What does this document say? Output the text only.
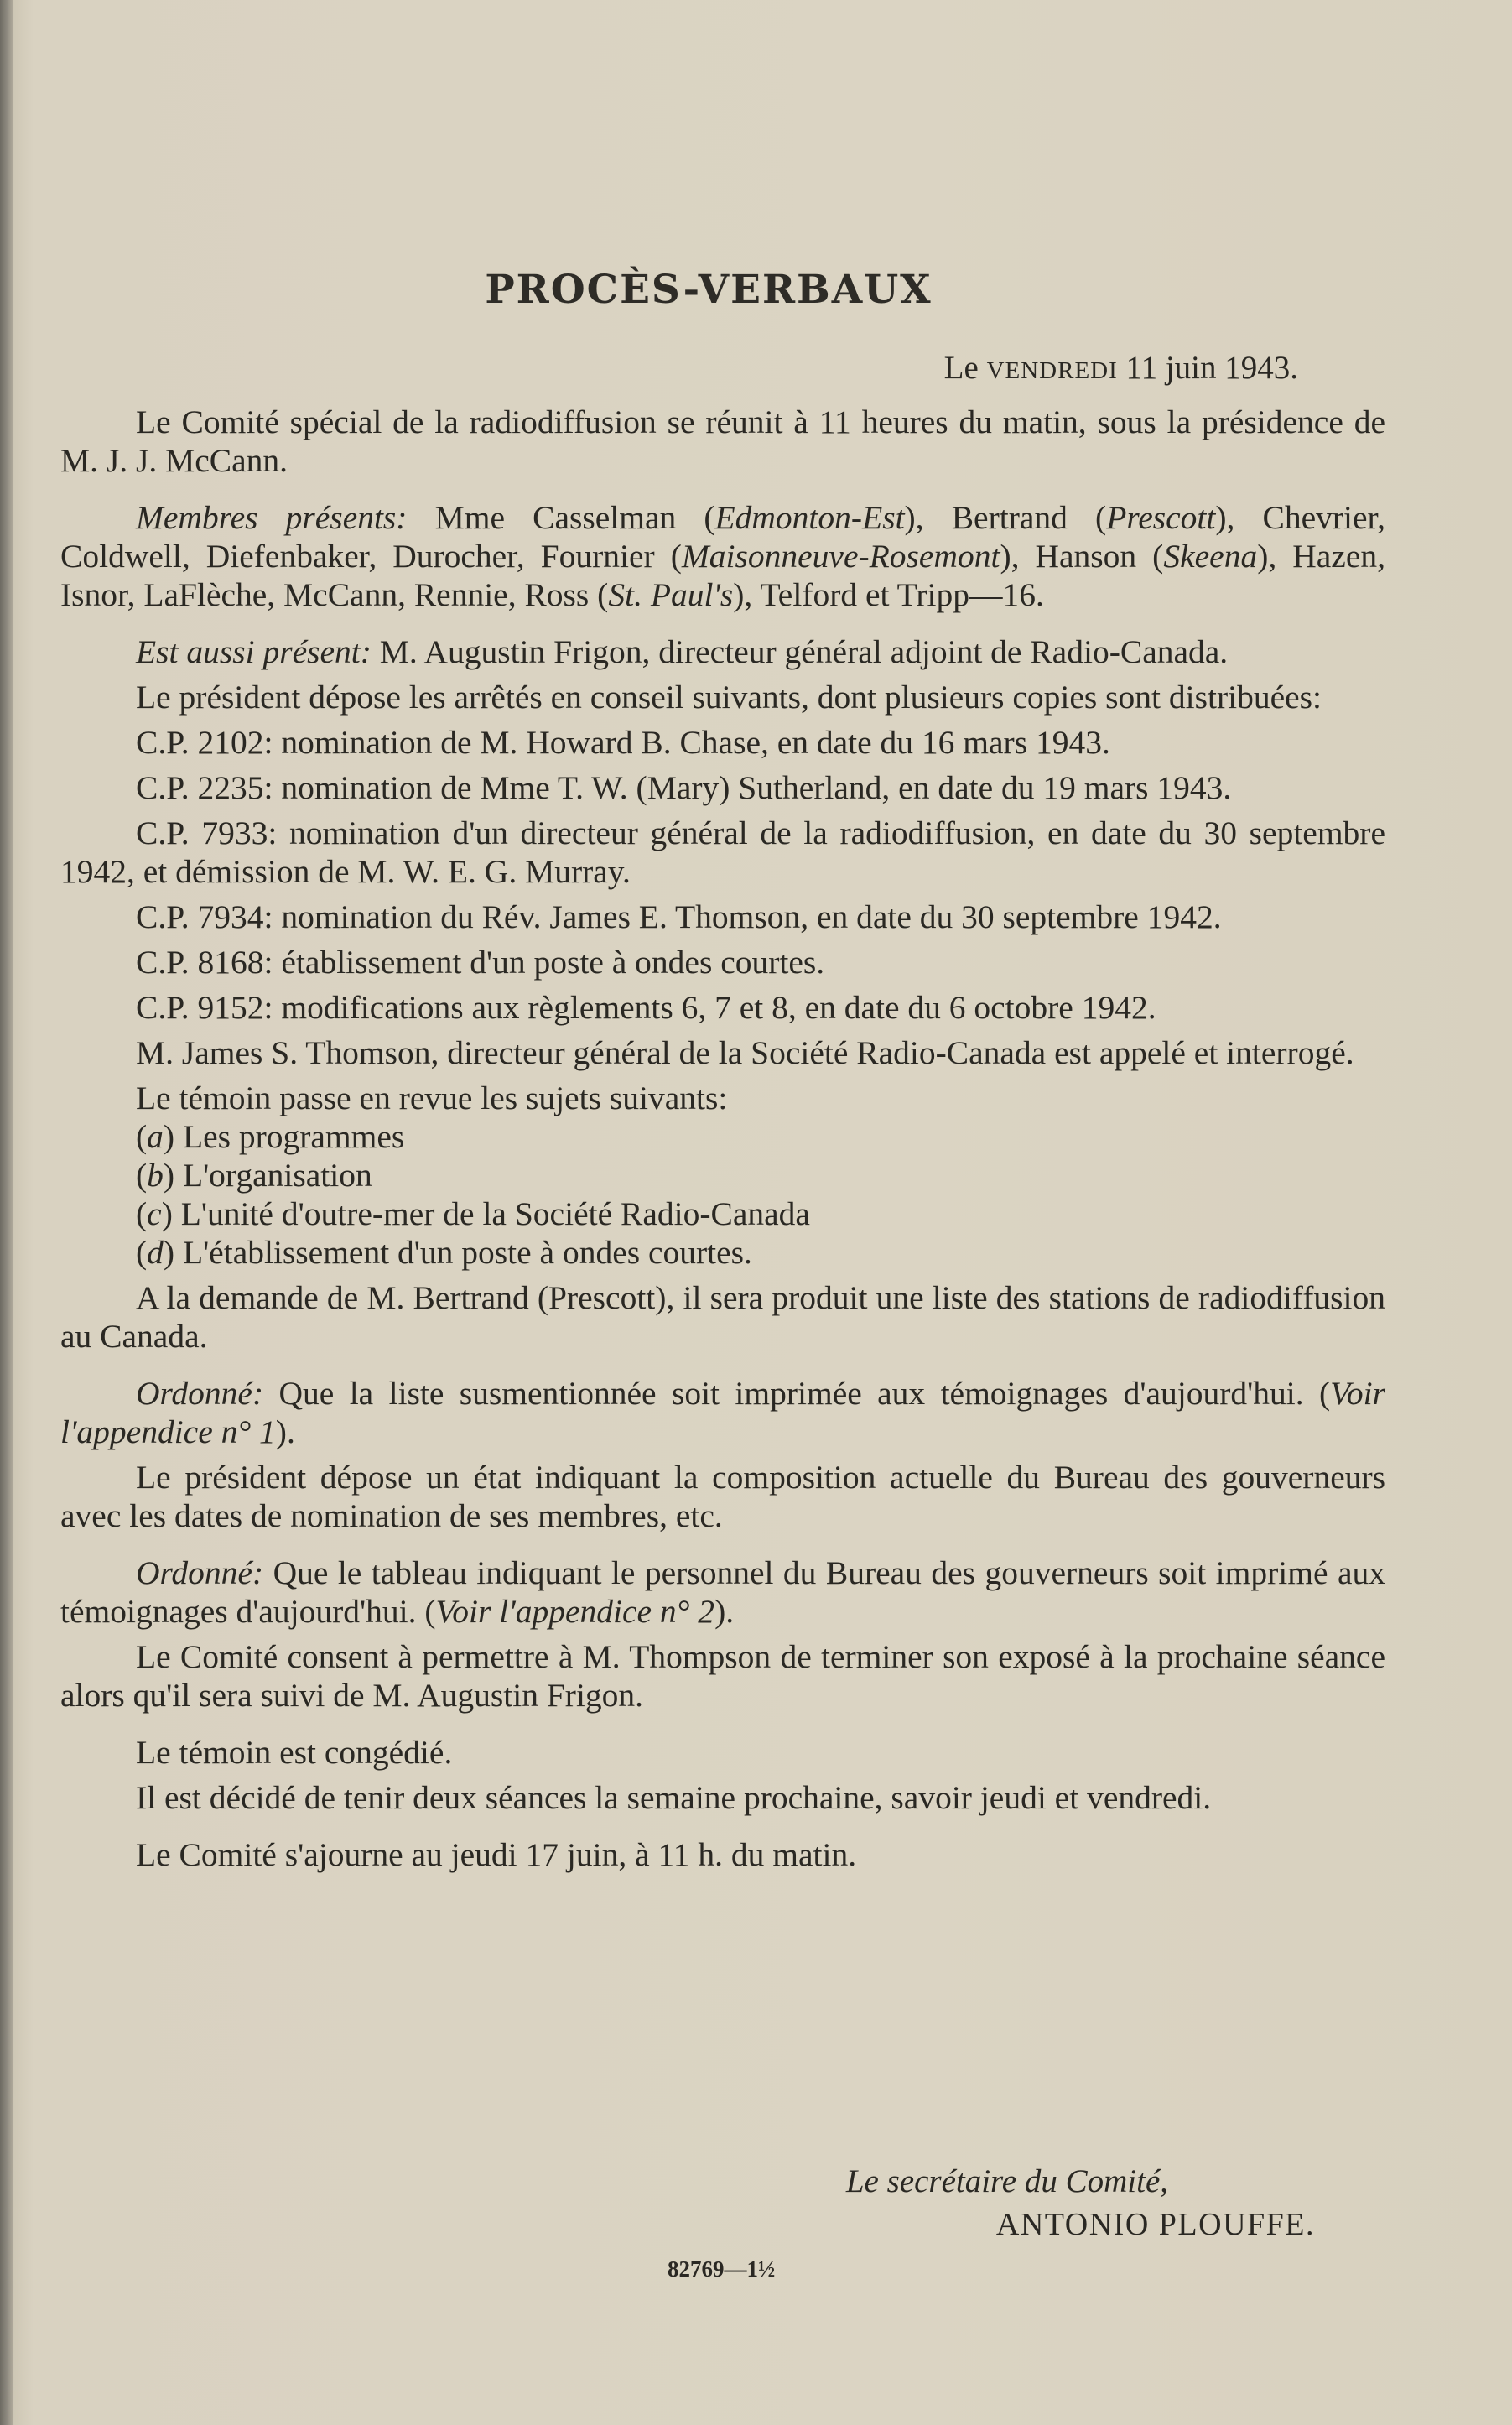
PROCÈS-VERBAUX
Le VENDREDI 11 juin 1943.

Le Comité spécial de la radiodiffusion se réunit à 11 heures du matin, sous la présidence de M. J. J. McCann.

Membres présents: Mme Casselman (Edmonton-Est), Bertrand (Prescott), Chevrier, Coldwell, Diefenbaker, Durocher, Fournier (Maisonneuve-Rosemont), Hanson (Skeena), Hazen, Isnor, LaFlèche, McCann, Rennie, Ross (St. Paul's), Telford et Tripp—16.

Est aussi présent: M. Augustin Frigon, directeur général adjoint de Radio-Canada.

Le président dépose les arrêtés en conseil suivants, dont plusieurs copies sont distribuées:

C.P. 2102: nomination de M. Howard B. Chase, en date du 16 mars 1943.

C.P. 2235: nomination de Mme T. W. (Mary) Sutherland, en date du 19 mars 1943.

C.P. 7933: nomination d'un directeur général de la radiodiffusion, en date du 30 septembre 1942, et démission de M. W. E. G. Murray.

C.P. 7934: nomination du Rév. James E. Thomson, en date du 30 septembre 1942.

C.P. 8168: établissement d'un poste à ondes courtes.

C.P. 9152: modifications aux règlements 6, 7 et 8, en date du 6 octobre 1942.

M. James S. Thomson, directeur général de la Société Radio-Canada est appelé et interrogé.

Le témoin passe en revue les sujets suivants:

(a) Les programmes

(b) L'organisation

(c) L'unité d'outre-mer de la Société Radio-Canada

(d) L'établissement d'un poste à ondes courtes.

A la demande de M. Bertrand (Prescott), il sera produit une liste des stations de radiodiffusion au Canada.

Ordonné: Que la liste susmentionnée soit imprimée aux témoignages d'aujourd'hui. (Voir l'appendice n° 1).

Le président dépose un état indiquant la composition actuelle du Bureau des gouverneurs avec les dates de nomination de ses membres, etc.

Ordonné: Que le tableau indiquant le personnel du Bureau des gouverneurs soit imprimé aux témoignages d'aujourd'hui. (Voir l'appendice n° 2).

Le Comité consent à permettre à M. Thompson de terminer son exposé à la prochaine séance alors qu'il sera suivi de M. Augustin Frigon.

Le témoin est congédié.

Il est décidé de tenir deux séances la semaine prochaine, savoir jeudi et vendredi.

Le Comité s'ajourne au jeudi 17 juin, à 11 h. du matin.

Le secrétaire du Comité,
ANTONIO PLOUFFE.
82769—1½
